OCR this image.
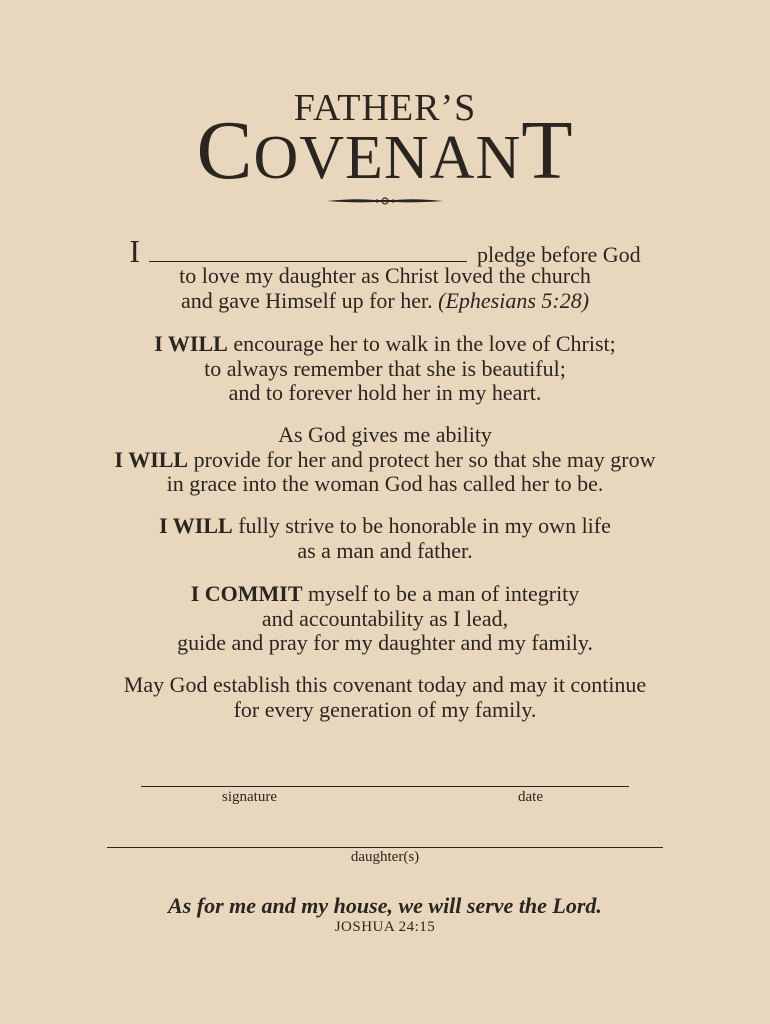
FATHER’S
COVENANT
I	pledge before God
to love my daughter as Christ loved the church
and gave Himself up for her. (Ephesians 5:28)
I WILL encourage her to walk in the love of Christ;
to always remember that she is beautiful;
and to forever hold her in my heart.
As God gives me ability
I WILL provide for her and protect her so that she may grow
in grace into the woman God has called her to be.
I WILL fully strive to be honorable in my own life
as a man and father.
I COMMIT myself to be a man of integrity
and accountability as I lead,
guide and pray for my daughter and my family.
May God establish this covenant today and may it continue
for every generation of my family.
signature	date
daughter(s)
As for me and my house, we will serve the Lord.
JOSHUA 24:15
